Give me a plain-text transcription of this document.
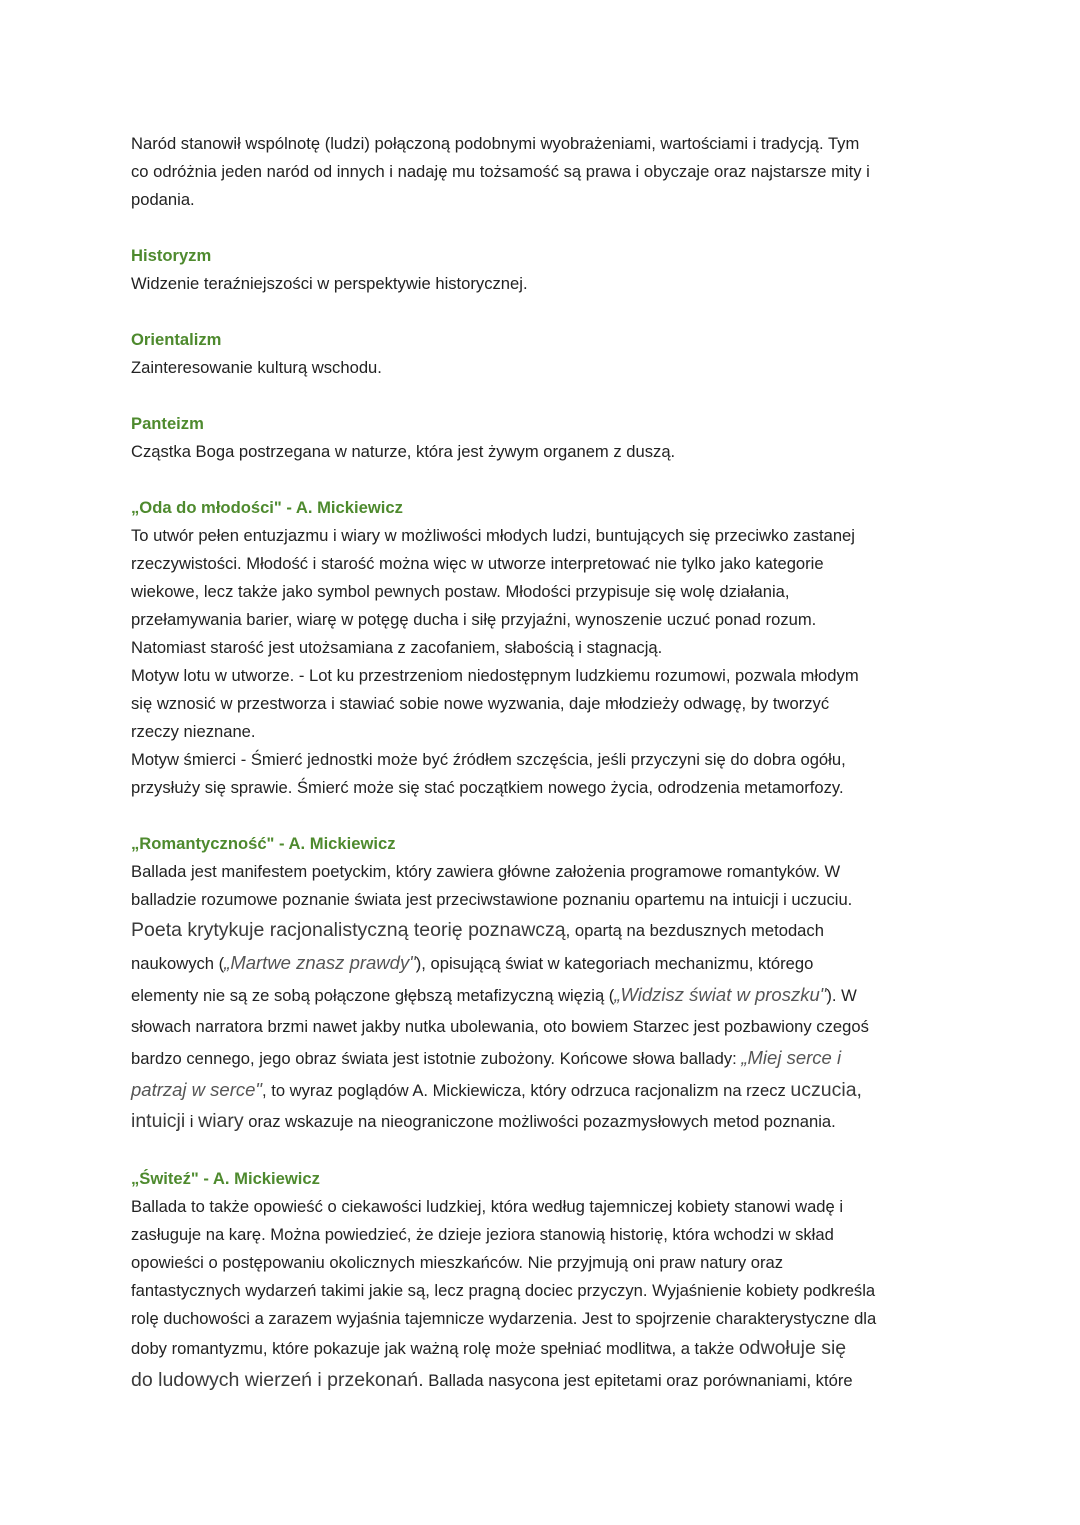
Naród stanowił wspólnotę (ludzi) połączoną podobnymi wyobrażeniami, wartościami i tradycją. Tym
co odróżnia jeden naród od innych i nadaję mu tożsamość są prawa i obyczaje oraz najstarsze mity i
podania.

Historyzm

Widzenie teraźniejszości w perspektywie historycznej.

Orientalizm

Zainteresowanie kulturą wschodu.

Panteizm

Cząstka Boga postrzegana w naturze, która jest żywym organem z duszą.

„Oda do młodości" - A. Mickiewicz

To utwór pełen entuzjazmu i wiary w możliwości młodych ludzi, buntujących się przeciwko zastanej
rzeczywistości. Młodość i starość można więc w utworze interpretować nie tylko jako kategorie
wiekowe, lecz także jako symbol pewnych postaw. Młodości przypisuje się wolę działania,
przełamywania barier, wiarę w potęgę ducha i siłę przyjaźni, wynoszenie uczuć ponad rozum.
Natomiast starość jest utożsamiana z zacofaniem, słabością i stagnacją.
Motyw lotu w utworze. - Lot ku przestrzeniom niedostępnym ludzkiemu rozumowi, pozwala młodym
się wznosić w przestworza i stawiać sobie nowe wyzwania, daje młodzieży odwagę, by tworzyć
rzeczy nieznane.
Motyw śmierci - Śmierć jednostki może być źródłem szczęścia, jeśli przyczyni się do dobra ogółu,
przysłuży się sprawie. Śmierć może się stać początkiem nowego życia, odrodzenia metamorfozy.

„Romantyczność" - A. Mickiewicz

Ballada jest manifestem poetyckim, który zawiera główne założenia programowe romantyków. W
balladzie rozumowe poznanie świata jest przeciwstawione poznaniu opartemu na intuicji i uczuciu.
Poeta krytykuje racjonalistyczną teorię poznawczą, opartą na bezdusznych metodach
naukowych („Martwe znasz prawdy"), opisującą świat w kategoriach mechanizmu, którego
elementy nie są ze sobą połączone głębszą metafizyczną więzią („Widzisz świat w proszku"). W
słowach narratora brzmi nawet jakby nutka ubolewania, oto bowiem Starzec jest pozbawiony czegoś
bardzo cennego, jego obraz świata jest istotnie zubożony. Końcowe słowa ballady: „Miej serce i
patrzaj w serce", to wyraz poglądów A. Mickiewicza, który odrzuca racjonalizm na rzecz uczucia,
intuicji i wiary oraz wskazuje na nieograniczone możliwości pozazmysłowych metod poznania.

„Świteź" - A. Mickiewicz

Ballada to także opowieść o ciekawości ludzkiej, która według tajemniczej kobiety stanowi wadę i
zasługuje na karę. Można powiedzieć, że dzieje jeziora stanowią historię, która wchodzi w skład
opowieści o postępowaniu okolicznych mieszkańców. Nie przyjmują oni praw natury oraz
fantastycznych wydarzeń takimi jakie są, lecz pragną dociec przyczyn. Wyjaśnienie kobiety podkreśla
rolę duchowości a zarazem wyjaśnia tajemnicze wydarzenia. Jest to spojrzenie charakterystyczne dla
doby romantyzmu, które pokazuje jak ważną rolę może spełniać modlitwa, a także odwołuje się
do ludowych wierzeń i przekonań. Ballada nasycona jest epitetami oraz porównaniami, które
